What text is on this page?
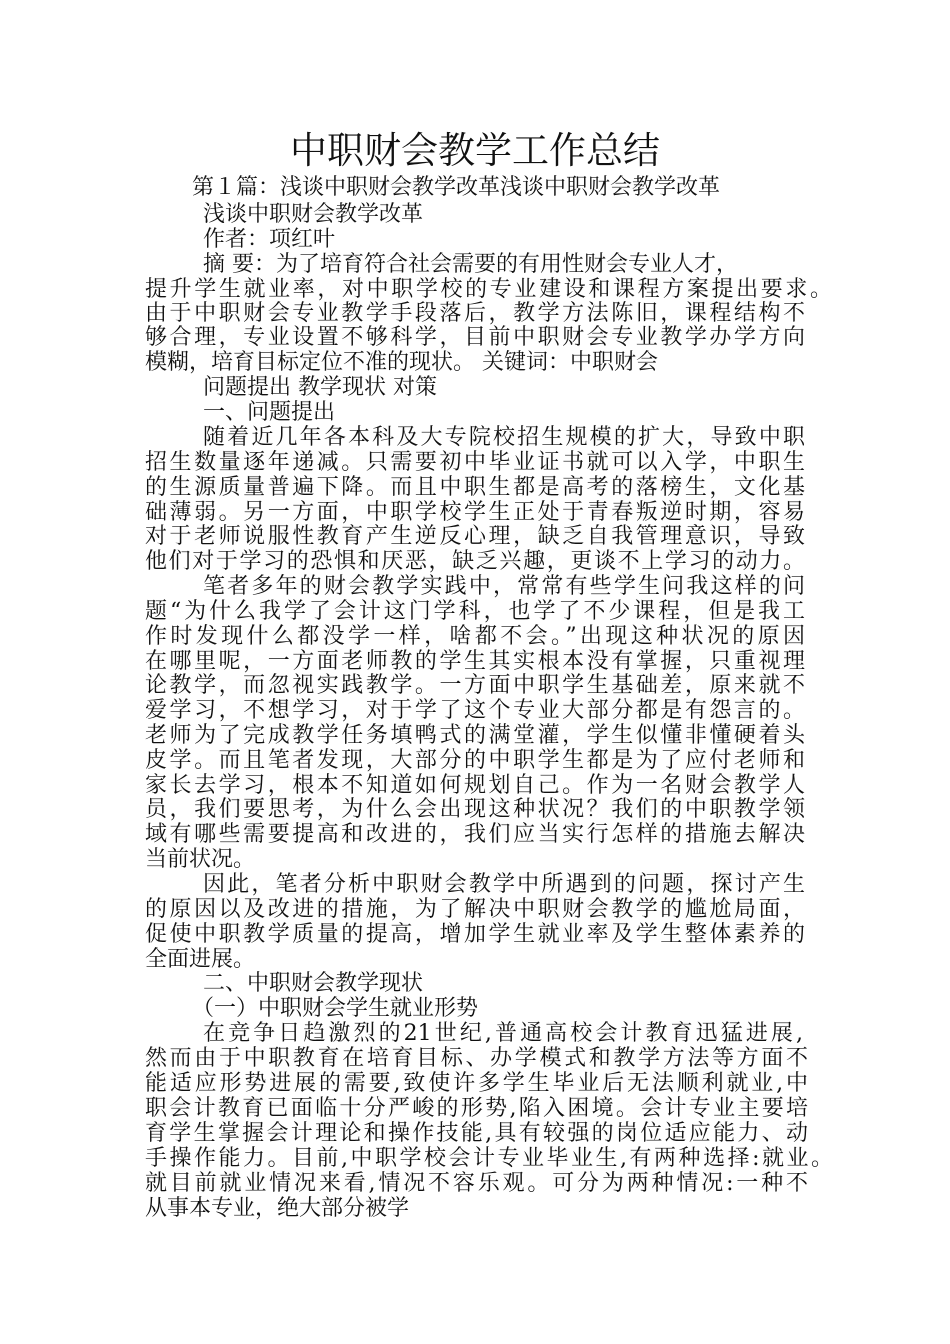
中职财会教学工作总结
第１篇：浅谈中职财会教学改革浅谈中职财会教学改革
浅谈中职财会教学改革
作者：项红叶
摘 要：为了培育符合社会需要的有用性财会专业人才，
提升学生就业率，对中职学校的专业建设和课程方案提出要求。
由于中职财会专业教学手段落后，教学方法陈旧，课程结构不
够合理，专业设置不够科学，目前中职财会专业教学办学方向
模糊，培育目标定位不准的现状。 关键词：中职财会
问题提出 教学现状 对策
一、问题提出
随着近几年各本科及大专院校招生规模的扩大，导致中职
招生数量逐年递减。只需要初中毕业证书就可以入学，中职生
的生源质量普遍下降。而且中职生都是高考的落榜生，文化基
础薄弱。另一方面，中职学校学生正处于青春叛逆时期，容易
对于老师说服性教育产生逆反心理，缺乏自我管理意识，导致
他们对于学习的恐惧和厌恶，缺乏兴趣，更谈不上学习的动力。
笔者多年的财会教学实践中，常常有些学生问我这样的问
题“为什么我学了会计这门学科，也学了不少课程，但是我工
作时发现什么都没学一样，啥都不会。”出现这种状况的原因
在哪里呢，一方面老师教的学生其实根本没有掌握，只重视理
论教学，而忽视实践教学。一方面中职学生基础差，原来就不
爱学习，不想学习，对于学了这个专业大部分都是有怨言的。
老师为了完成教学任务填鸭式的满堂灌，学生似懂非懂硬着头
皮学。而且笔者发现，大部分的中职学生都是为了应付老师和
家长去学习，根本不知道如何规划自己。作为一名财会教学人
员，我们要思考，为什么会出现这种状况？我们的中职教学领
域有哪些需要提高和改进的，我们应当实行怎样的措施去解决
当前状况。
因此，笔者分析中职财会教学中所遇到的问题，探讨产生
的原因以及改进的措施，为了解决中职财会教学的尴尬局面，
促使中职教学质量的提高，增加学生就业率及学生整体素养的
全面进展。
二、中职财会教学现状
（一）中职财会学生就业形势
在竞争日趋激烈的21世纪,普通高校会计教育迅猛进展,
然而由于中职教育在培育目标、办学模式和教学方法等方面不
能适应形势进展的需要,致使许多学生毕业后无法顺利就业,中
职会计教育已面临十分严峻的形势,陷入困境。会计专业主要培
育学生掌握会计理论和操作技能,具有较强的岗位适应能力、动
手操作能力。目前,中职学校会计专业毕业生,有两种选择:就业。
就目前就业情况来看,情况不容乐观。可分为两种情况:一种不
从事本专业，绝大部分被学
